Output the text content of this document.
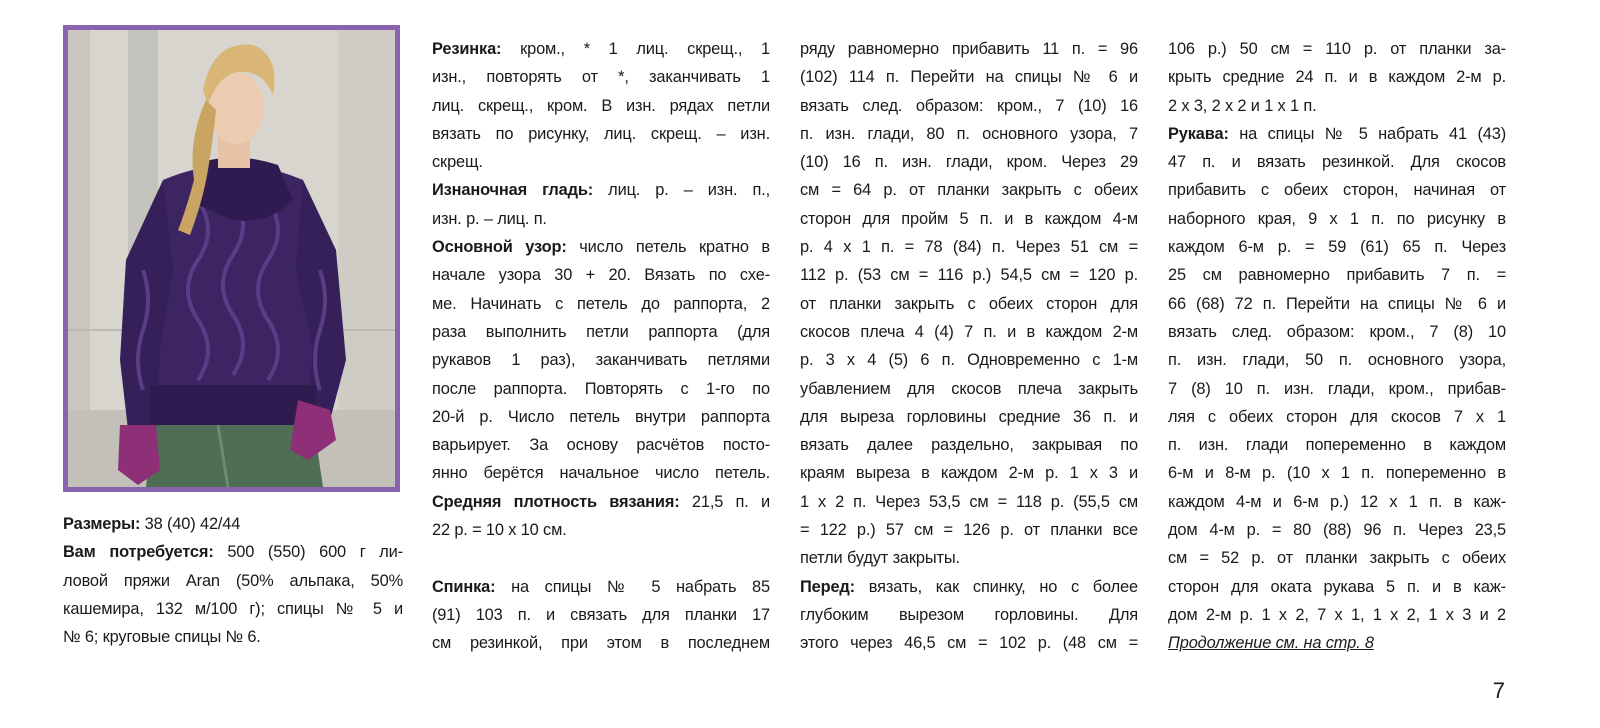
Размеры: 38 (40) 42/44
Вам потребуется: 500 (550) 600 г ли-
ловой пряжи Aran (50% альпака, 50%
кашемира, 132 м/100 г); спицы № 5 и
№ 6; круговые спицы № 6.
Резинка: кром., * 1 лиц. скрещ., 1
изн., повторять от *, заканчивать 1
лиц. скрещ., кром. В изн. рядах петли
вязать по рисунку, лиц. скрещ. – изн.
скрещ.
Изнаночная гладь: лиц. р. – изн. п.,
изн. р. – лиц. п.
Основной узор: число петель кратно в
начале узора 30 + 20. Вязать по схе-
ме. Начинать с петель до раппорта, 2
раза выполнить петли раппорта (для
рукавов 1 раз), заканчивать петлями
после раппорта. Повторять с 1-го по
20-й р. Число петель внутри раппорта
варьирует. За основу расчётов посто-
янно берётся начальное число петель.
Средняя плотность вязания: 21,5 п. и
22 р. = 10 х 10 см.
Спинка: на спицы № 5 набрать 85
(91) 103 п. и связать для планки 17
см резинкой, при этом в последнем
ряду равномерно прибавить 11 п. = 96
(102) 114 п. Перейти на спицы № 6 и
вязать след. образом: кром., 7 (10) 16
п. изн. глади, 80 п. основного узора, 7
(10) 16 п. изн. глади, кром. Через 29
см = 64 р. от планки закрыть с обеих
сторон для пройм 5 п. и в каждом 4-м
р. 4 х 1 п. = 78 (84) п. Через 51 см =
112 р. (53 см = 116 р.) 54,5 см = 120 р.
от планки закрыть с обеих сторон для
скосов плеча 4 (4) 7 п. и в каждом 2-м
р. 3 х 4 (5) 6 п. Одновременно с 1-м
убавлением для скосов плеча закрыть
для выреза горловины средние 36 п. и
вязать далее раздельно, закрывая по
краям выреза в каждом 2-м р. 1 х 3 и
1 х 2 п. Через 53,5 см = 118 р. (55,5 см
= 122 р.) 57 см = 126 р. от планки все
петли будут закрыты.
Перед: вязать, как спинку, но с более
глубоким вырезом горловины. Для
этого через 46,5 см = 102 р. (48 см =
106 р.) 50 см = 110 р. от планки за-
крыть средние 24 п. и в каждом 2-м р.
2 х 3, 2 х 2 и 1 х 1 п.
Рукава: на спицы № 5 набрать 41 (43)
47 п. и вязать резинкой. Для скосов
прибавить с обеих сторон, начиная от
наборного края, 9 х 1 п. по рисунку в
каждом 6-м р. = 59 (61) 65 п. Через
25 см равномерно прибавить 7 п. =
66 (68) 72 п. Перейти на спицы № 6 и
вязать след. образом: кром., 7 (8) 10
п. изн. глади, 50 п. основного узора,
7 (8) 10 п. изн. глади, кром., прибав-
ляя с обеих сторон для скосов 7 х 1
п. изн. глади попеременно в каждом
6-м и 8-м р. (10 х 1 п. попеременно в
каждом 4-м и 6-м р.) 12 х 1 п. в каж-
дом 4-м р. = 80 (88) 96 п. Через 23,5
см = 52 р. от планки закрыть с обеих
сторон для оката рукава 5 п. и в каж-
дом 2-м р. 1 х 2, 7 х 1, 1 х 2, 1 х 3 и 2
Продолжение см. на стр. 8
7
